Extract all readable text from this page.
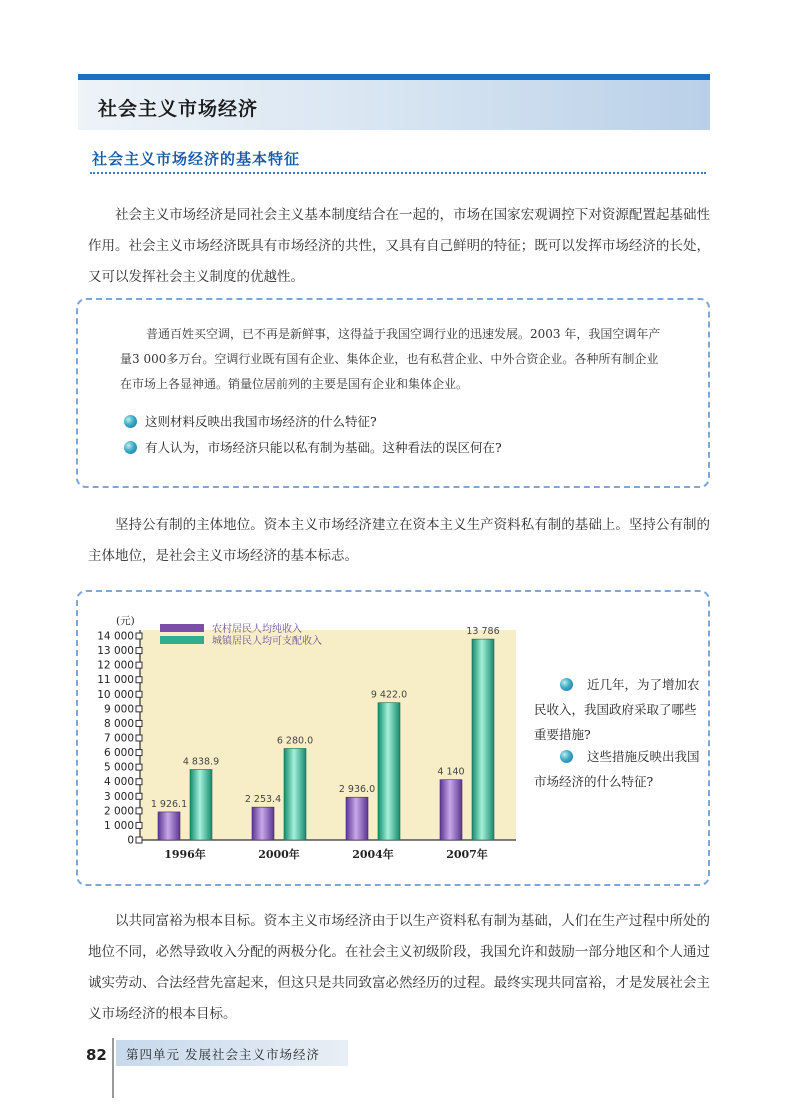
社会主义市场经济
社会主义市场经济的基本特征
社会主义市场经济是同社会主义基本制度结合在一起的，市场在国家宏观调控下对资源配置起基础性作用。社会主义市场经济既具有市场经济的共性，又具有自己鲜明的特征；既可以发挥市场经济的长处，又可以发挥社会主义制度的优越性。
普通百姓买空调，已不再是新鲜事，这得益于我国空调行业的迅速发展。2003 年，我国空调年产量3 000多万台。空调行业既有国有企业、集体企业，也有私营企业、中外合资企业。各种所有制企业在市场上各显神通。销量位居前列的主要是国有企业和集体企业。
这则材料反映出我国市场经济的什么特征?
有人认为，市场经济只能以私有制为基础。这种看法的误区何在?
坚持公有制的主体地位。资本主义市场经济建立在资本主义生产资料私有制的基础上。坚持公有制的主体地位，是社会主义市场经济的基本标志。
近几年，为了增加农民收入，我国政府采取了哪些重要措施?
这些措施反映出我国市场经济的什么特征?
0
1 000
2 000
3 000
4 000
5 000
6 000
7 000
8 000
9 000
10 000
11 000
12 000
13 000
14 000
(元)
农村居民人均纯收入
城镇居民人均可支配收入
1 926.1
4 838.9
1996年
2 253.4
6 280.0
2000年
2 936.0
9 422.0
2004年
4 140
13 786
2007年
以共同富裕为根本目标。资本主义市场经济由于以生产资料私有制为基础，人们在生产过程中所处的地位不同，必然导致收入分配的两极分化。在社会主义初级阶段，我国允许和鼓励一部分地区和个人通过诚实劳动、合法经营先富起来，但这只是共同致富必然经历的过程。最终实现共同富裕，才是发展社会主义市场经济的根本目标。
82 第四单元 发展社会主义市场经济
